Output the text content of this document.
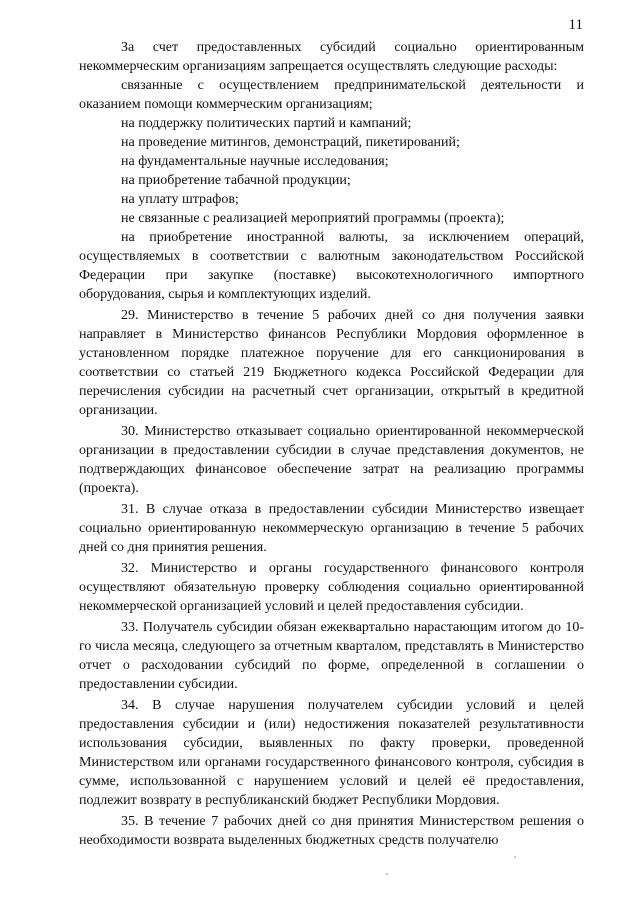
11

За счет предоставленных субсидий социально ориентированным некоммерческим организациям запрещается осуществлять следующие расходы:

связанные с осуществлением предпринимательской деятельности и оказанием помощи коммерческим организациям;

на поддержку политических партий и кампаний;

на проведение митингов, демонстраций, пикетирований;

на фундаментальные научные исследования;

на приобретение табачной продукции;

на уплату штрафов;

не связанные с реализацией мероприятий программы (проекта);

на приобретение иностранной валюты, за исключением операций, осуществляемых в соответствии с валютным законодательством Российской Федерации при закупке (поставке) высокотехнологичного импортного оборудования, сырья и комплектующих изделий.

29. Министерство в течение 5 рабочих дней со дня получения заявки направляет в Министерство финансов Республики Мордовия оформленное в установленном порядке платежное поручение для его санкционирования в соответствии со статьей 219 Бюджетного кодекса Российской Федерации для перечисления субсидии на расчетный счет организации, открытый в кредитной организации.

30. Министерство отказывает социально ориентированной некоммерческой организации в предоставлении субсидии в случае представления документов, не подтверждающих финансовое обеспечение затрат на реализацию программы (проекта).

31. В случае отказа в предоставлении субсидии Министерство извещает социально ориентированную некоммерческую организацию в течение 5 рабочих дней со дня принятия решения.

32. Министерство и органы государственного финансового контроля осуществляют обязательную проверку соблюдения социально ориентированной некоммерческой организацией условий и целей предоставления субсидии.

33. Получатель субсидии обязан ежеквартально нарастающим итогом до 10-го числа месяца, следующего за отчетным кварталом, представлять в Министерство отчет о расходовании субсидий по форме, определенной в соглашении о предоставлении субсидии.

34. В случае нарушения получателем субсидии условий и целей предоставления субсидии и (или) недостижения показателей результативности использования субсидии, выявленных по факту проверки, проведенной Министерством или органами государственного финансового контроля, субсидия в сумме, использованной с нарушением условий и целей её предоставления, подлежит возврату в республиканский бюджет Республики Мордовия.

35. В течение 7 рабочих дней со дня принятия Министерством решения о необходимости возврата выделенных бюджетных средств получателю
